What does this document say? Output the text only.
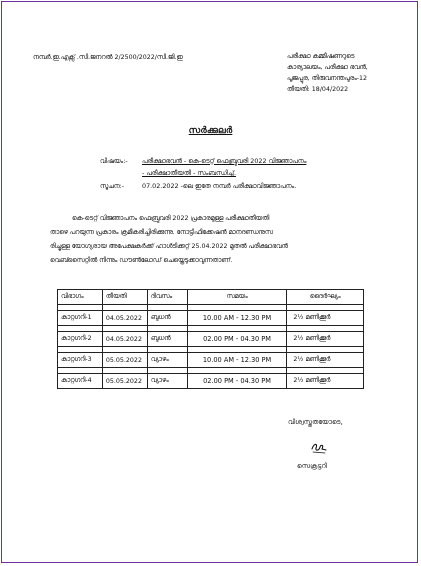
നമ്പർ.ഇ.എക്സ് .സി.ജനറൽ 2/2500/2022/സി.ജി.ഇ	പരീക്ഷാ കമ്മീഷണറുടെ
കാര്യാലയം, പരീക്ഷാ ഭവൻ,
പൂജപ്പുര, തിരുവനന്തപുരം-12
തീയതി: 18/04/2022
സർക്കുലർ
വിഷയം:- പരീക്ഷാഭവൻ - കെ-ടെറ്റ് ഫെബ്രുവരി 2022 വിജ്ഞാപനം
- പരീക്ഷാതീയതി - സംബന്ധിച്ച്.
സൂചന:-	07.02.2022 -ലെ ഇതേ നമ്പർ പരീക്ഷാവിജ്ഞാപനം.
കെ-ടെറ്റ് വിജ്ഞാപനം ഫെബ്രുവരി 2022 പ്രകാരമുള്ള പരീക്ഷാതീയതി
താഴെ പറയുന്ന പ്രകാരം ക്രമീകരിച്ചിരിക്കുന്നു. നോട്ടിഫിക്കേഷൻ മാനദണ്ഡനുസ
രിച്ചുള്ള യോഗ്യരായ അപേക്ഷകർക്ക് ഹാൾടിക്കറ്റ് 25.04.2022 മുതൽ പരീക്ഷാഭവൻ
വെബ്സൈറ്റിൽ നിന്നും ഡൗൺലോഡ് ചെയ്തെടുക്കാവുന്നതാണ്.
വിഭാഗം	തീയതി	ദിവസം	സമയം	ദൈർഘ്യം

കാറ്റഗറി-1	04.05.2022	ബുധൻ	10.00 AM - 12.30 PM	2½ മണിക്കൂർ

കാറ്റഗറി-2	04.05.2022	ബുധൻ	02.00 PM - 04.30 PM	2½ മണിക്കൂർ

കാറ്റഗറി-3	05.05.2022	വ്യാഴം	10.00 AM - 12.30 PM	2½ മണിക്കൂർ

കാറ്റഗറി-4	05.05.2022	വ്യാഴം	02.00 PM - 04.30 PM	2½ മണിക്കൂർ
വിശ്വസ്തതയോടെ,
സെക്രട്ടറി
